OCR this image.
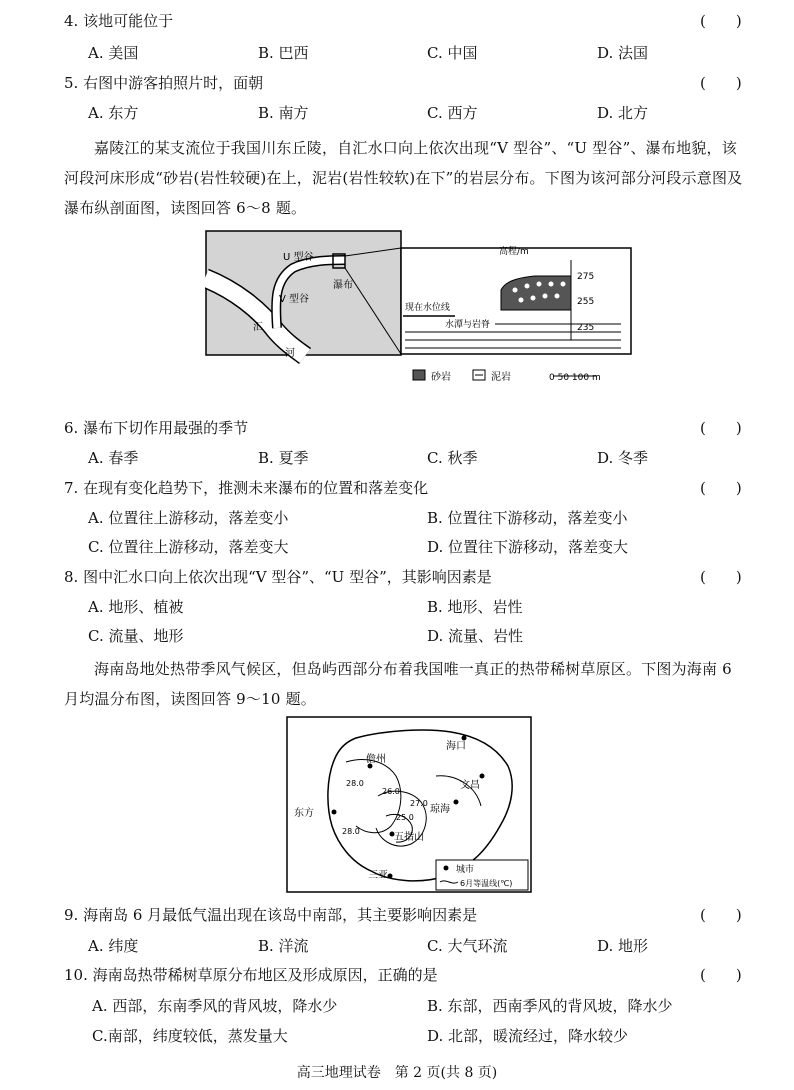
4. 该地可能位于	(　　)
A. 美国	B. 巴西	C. 中国	D. 法国
5. 右图中游客拍照片时，面朝	(　　)
A. 东方	B. 南方	C. 西方	D. 北方
嘉陵江的某支流位于我国川东丘陵，自汇水口向上依次出现“V 型谷”、“U 型谷”、瀑布地貌，该河段河床形成“砂岩(岩性较硬)在上，泥岩(岩性较软)在下”的岩层分布。下图为该河部分河段示意图及瀑布纵剖面图，读图回答 6～8 题。
U 型谷
瀑布
V 型谷
汇
河
高程/m
275
255
235
现在水位线
水潭与岩脊
砂岩	泥岩	0 50 100 m
6. 瀑布下切作用最强的季节	(　　)
A. 春季	B. 夏季	C. 秋季	D. 冬季
7. 在现有变化趋势下，推测未来瀑布的位置和落差变化	(　　)
A. 位置往上游移动，落差变小	B. 位置往下游移动，落差变小
C. 位置往上游移动，落差变大	D. 位置往下游移动，落差变大
8. 图中汇水口向上依次出现“V 型谷”、“U 型谷”，其影响因素是	(　　)
A. 地形、植被	B. 地形、岩性
C. 流量、地形	D. 流量、岩性
海南岛地处热带季风气候区，但岛屿西部分布着我国唯一真正的热带稀树草原区。下图为海南 6 月均温分布图，读图回答 9～10 题。
海口
儋州
文昌
琼海
东方
五指山
三亚
28.0
26.0
25.0
28.0
27.0
城市
6月等温线(℃)
9. 海南岛 6 月最低气温出现在该岛中南部，其主要影响因素是	(　　)
A. 纬度	B. 洋流	C. 大气环流	D. 地形
10. 海南岛热带稀树草原分布地区及形成原因，正确的是	(　　)
A. 西部，东南季风的背风坡，降水少	B. 东部，西南季风的背风坡，降水少
C.南部，纬度较低，蒸发量大	D. 北部，暖流经过，降水较少
高三地理试卷　第 2 页(共 8 页)
